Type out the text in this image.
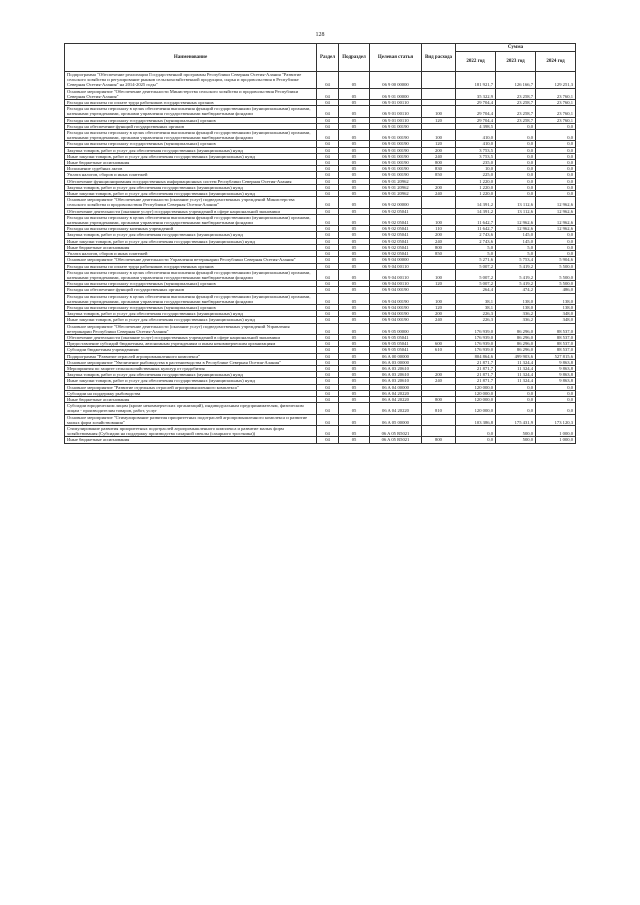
128
Наименование	Раздел	Подраздел	Целевая статья	Вид расхода	Сумма		
					2022 год	2023 год	2024 год
Подпрограмма "Обеспечение реализации Государственной программы Республики Северная Осетия-Алания "Развитие сельского хозяйства и регулирование рынков сельскохозяйственной продукции, сырья и продовольствия в Республике Северная Осетия-Алания" на 2014-2025 годы"	04	05	06 9 00 00000		181 921,7	126 166,7	129 251,3
Основное мероприятие "Обеспечение деятельности Министерства сельского хозяйства и продовольствия Республики Северная Осетия-Алания"	04	05	06 9 01 00000		35 322,9	23 258,7	23 760,1
Расходы на выплаты по оплате труда работников государственных органов	04	05	06 9 01 00110		29 704,4	23 258,7	23 760,1
Расходы на выплаты персоналу в целях обеспечения выполнения функций государственными (муниципальными) органами, казенными учреждениями, органами управления государственными внебюджетными фондами	04	05	06 9 01 00110	100	29 704,4	23 258,7	23 760,1
Расходы на выплаты персоналу государственных (муниципальных) органов	04	05	06 9 01 00110	120	29 704,4	23 258,7	23 760,1
Расходы на обеспечение функций государственных органов	04	05	06 9 01 00190		4 398,5	0,0	0,0
Расходы на выплаты персоналу в целях обеспечения выполнения функций государственными (муниципальными) органами, казенными учреждениями, органами управления государственными внебюджетными фондами	04	05	06 9 01 00190	100	410,0	0,0	0,0
Расходы на выплаты персоналу государственных (муниципальных) органов	04	05	06 9 01 00190	120	410,0	0,0	0,0
Закупка товаров, работ и услуг для обеспечения государственных (муниципальных) нужд	04	05	06 9 01 00190	200	3 753,5	0,0	0,0
Иные закупки товаров, работ и услуг для обеспечения государственных (муниципальных) нужд	04	05	06 9 01 00190	240	3 753,5	0,0	0,0
Иные бюджетные ассигнования	04	05	06 9 01 00190	800	235,0	0,0	0,0
Исполнение судебных актов	04	05	06 9 01 00190	830	10,0	0,0	0,0
Уплата налогов, сборов и иных платежей	04	05	06 9 01 00190	850	225,0	0,0	0,0
Обеспечение функционирования государственных информационных систем Республики Северная Осетия-Алания	04	05	06 9 01 20962		1 220,0	0,0	0,0
Закупка товаров, работ и услуг для обеспечения государственных (муниципальных) нужд	04	05	06 9 01 20962	200	1 220,0	0,0	0,0
Иные закупки товаров, работ и услуг для обеспечения государственных (муниципальных) нужд	04	05	06 9 01 20962	240	1 220,0	0,0	0,0
Основное мероприятие "Обеспечение деятельности (оказание услуг) подведомственных учреждений Министерства сельского хозяйства и продовольствия Республики Северная Осетия-Алания"	04	05	06 9 02 00000		14 391,2	13 112,6	12 962,6
Обеспечение деятельности (оказание услуг) государственных учреждений в сфере национальной экономики	04	05	06 9 02 05041		14 391,2	13 112,6	12 962,6
Расходы на выплаты персоналу в целях обеспечения выполнения функций государственными (муниципальными) органами, казенными учреждениями, органами управления государственными внебюджетными фондами	04	05	06 9 02 05041	100	11 642,7	12 962,6	12 962,6
Расходы на выплаты персоналу казенных учреждений	04	05	06 9 02 05041	110	11 642,7	12 962,6	12 962,6
Закупка товаров, работ и услуг для обеспечения государственных (муниципальных) нужд	04	05	06 9 02 05041	200	2 743,6	145,0	0,0
Иные закупки товаров, работ и услуг для обеспечения государственных (муниципальных) нужд	04	05	06 9 02 05041	240	2 743,6	145,0	0,0
Иные бюджетные ассигнования	04	05	06 9 02 05041	800	5,0	5,0	0,0
Уплата налогов, сборов и иных платежей	04	05	06 9 02 05041	850	5,0	5,0	0,0
Основное мероприятие "Обеспечение деятельности Управления ветеринарии Республики Северная Осетия-Алания"	04	05	06 9 04 00000		5 271,6	5 753,4	5 904,6
Расходы на выплаты по оплате труда работников государственных органов	04	05	06 9 04 00110		5 007,2	5 419,2	5 500,0
Расходы на выплаты персоналу в целях обеспечения выполнения функций государственными (муниципальными) органами, казенными учреждениями, органами управления государственными внебюджетными фондами	04	05	06 9 04 00110	100	5 007,2	5 419,2	5 500,0
Расходы на выплаты персоналу государственных (муниципальных) органов	04	05	06 9 04 00110	120	5 007,2	5 419,2	5 500,0
Расходы на обеспечение функций государственных органов	04	05	06 9 04 00190		264,4	474,2	486,0
Расходы на выплаты персоналу в целях обеспечения выполнения функций государственными (муниципальными) органами, казенными учреждениями, органами управления государственными внебюджетными фондами	04	05	06 9 04 00190	100	38,1	138,0	138,0
Расходы на выплаты персоналу государственных (муниципальных) органов	04	05	06 9 04 00190	120	38,1	138,0	138,0
Закупка товаров, работ и услуг для обеспечения государственных (муниципальных) нужд	04	05	06 9 04 00190	200	226,3	336,2	348,0
Иные закупки товаров, работ и услуг для обеспечения государственных (муниципальных) нужд	04	05	06 9 04 00190	240	226,3	336,2	348,0
Основное мероприятие "Обеспечение деятельности (оказание услуг) подведомственных учреждений Управления ветеринарии Республики Северная Осетия-Алания"	04	05	06 9 05 00000		176 939,0	86 296,0	88 537,0
Обеспечение деятельности (оказание услуг) государственных учреждений в сфере национальной экономики	04	05	06 9 05 05041		176 939,0	86 296,0	88 537,0
Предоставление субсидий бюджетным, автономным учреждениям и иным некоммерческим организациям	04	05	06 9 05 05041	600	176 939,0	86 296,0	88 537,0
Субсидии бюджетным учреждениям	04	05	06 9 05 05041	610	176 939,0	86 296,0	88 537,0
Подпрограмма "Развитие отраслей агропромышленного комплекса"	04	05	06 A 00 00000		804 864,6	499 903,6	527 815,6
Основное мероприятие "Увеличение рыбоводства в растениеводства в Республике Северная Осетия-Алания"	04	05	06 A 03 00000		21 871,7	11 324,4	9 863,8
Мероприятия по защите сельскохозяйственных культур от градобития	04	05	06 A 03 20610		21 871,7	11 324,4	9 863,8
Закупка товаров, работ и услуг для обеспечения государственных (муниципальных) нужд	04	05	06 A 03 20610	200	21 871,7	11 324,4	9 863,8
Иные закупки товаров, работ и услуг для обеспечения государственных (муниципальных) нужд	04	05	06 A 03 20610	240	21 871,7	11 324,4	9 863,8
Основное мероприятие "Развитие отдельных отраслей агропромышленного комплекса"	04	05	06 A 04 00000		120 000,0	0,0	0,0
Субсидии на поддержку рыбоводства	04	05	06 A 04 20220		120 000,0	0,0	0,0
Иные бюджетные ассигнования	04	05	06 A 04 20220	800	120 000,0	0,0	0,0
Субсидии юридическим лицам (кроме некоммерческих организаций), индивидуальным предпринимателям, физическим лицам - производителям товаров, работ, услуг	04	05	06 A 04 20220	810	120 000,0	0,0	0,0
Основное мероприятие "Стимулирование развития приоритетных подотраслей агропромышленного комплекса и развитие малых форм хозяйствования"	04	05	06 A 05 00000		103 386,8	175 431,9	173 120,3
Стимулирование развития приоритетных подотраслей агропромышленного комплекса и развитие малых форм хозяйствования (Субсидии на поддержку производства сахарной свеклы (сахарного тростника))	04	05	06 A 05 R5021		0,0	500,0	1 000,0
Иные бюджетные ассигнования	04	05	06 A 05 R5021	800	0,0	500,0	1 000,0
